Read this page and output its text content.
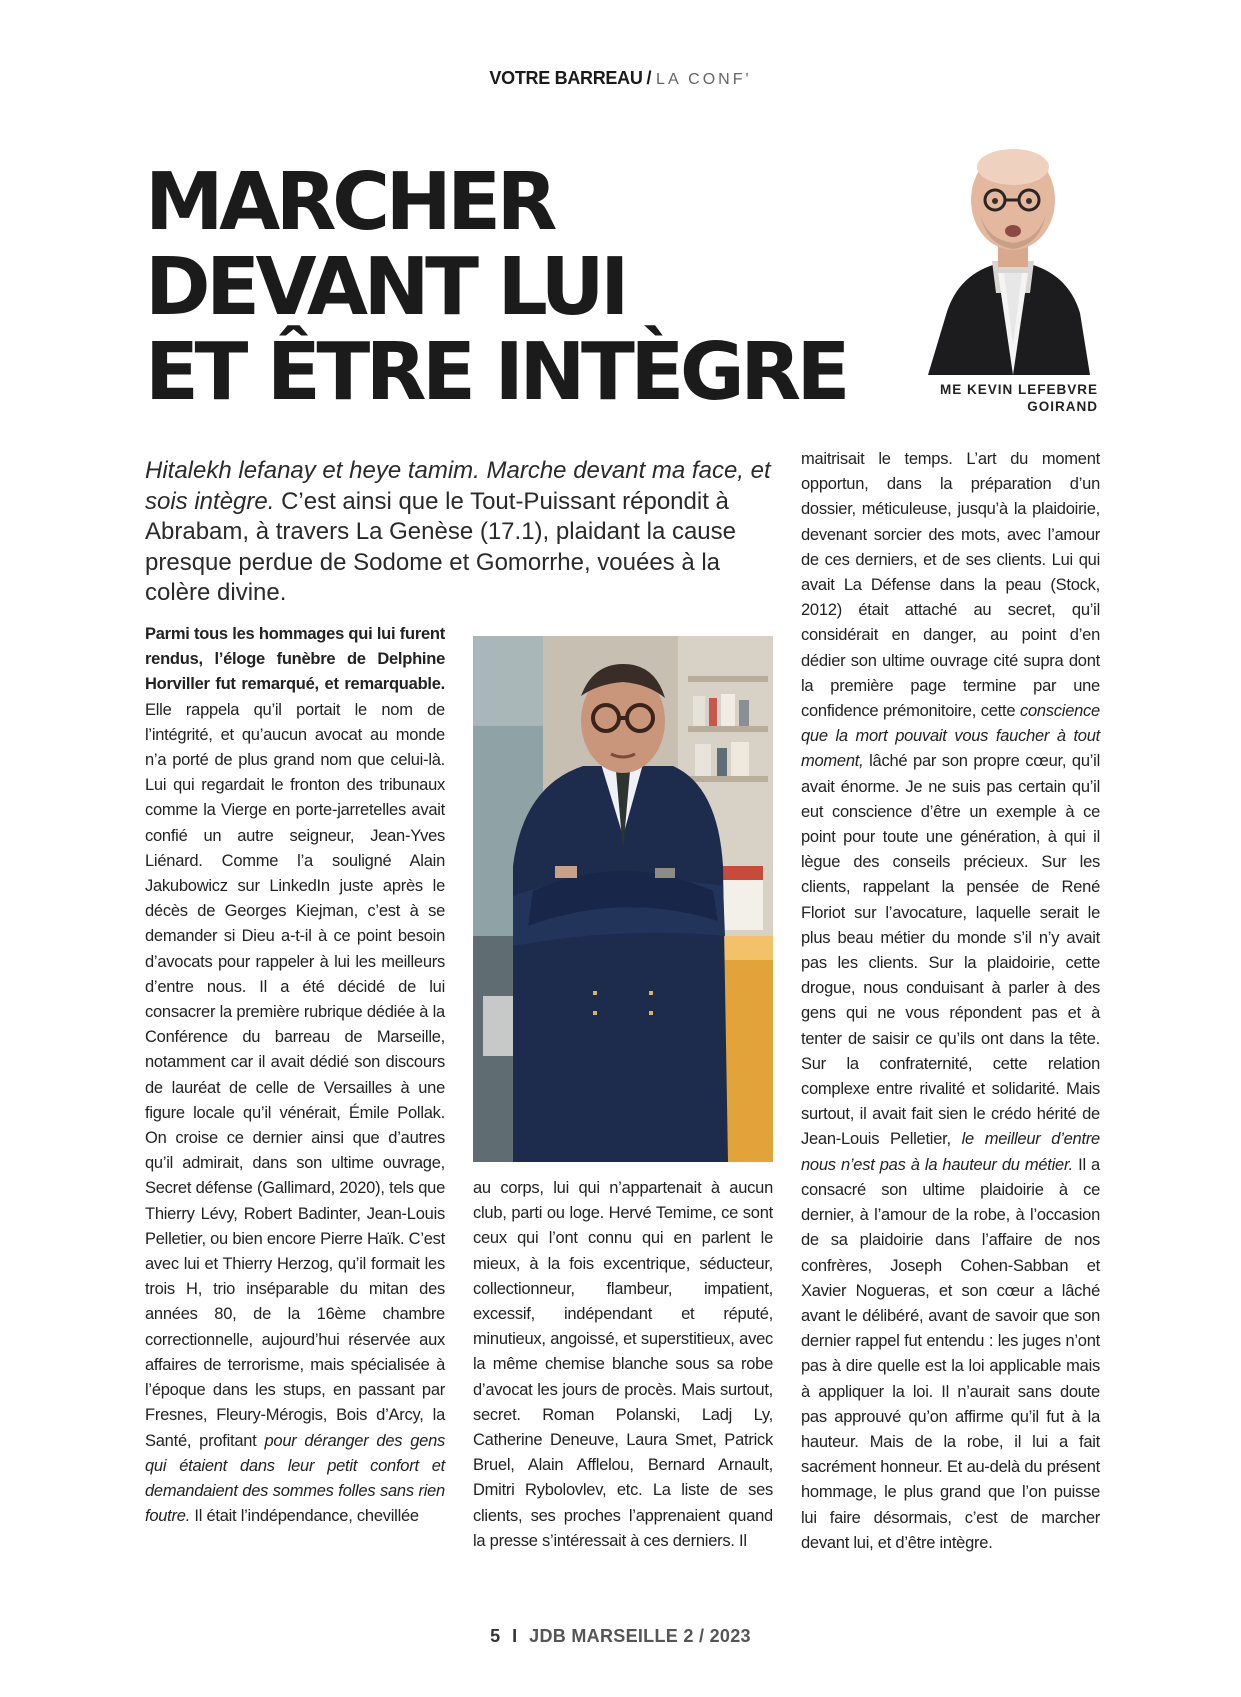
VOTRE BARREAU / LA CONF'
MARCHER
DEVANT LUI
ET ÊTRE INTÈGRE	ME KEVIN LEFEBVRE
GOIRAND
Hitalekh lefanay et heye tamim. Marche devant ma face, et sois intègre. C’est ainsi que le Tout-Puissant répondit à Abrabam, à travers La Genèse (17.1), plaidant la cause presque perdue de Sodome et Gomorrhe, vouées à la colère divine.
Parmi tous les hommages qui lui furent rendus, l’éloge funèbre de Delphine Horviller fut remarqué, et remarquable. Elle rappela qu’il portait le nom de l’intégrité, et qu’aucun avocat au monde n’a porté de plus grand nom que celui-là. Lui qui regardait le fronton des tribunaux comme la Vierge en porte-jarretelles avait confié un autre seigneur, Jean-Yves Liénard. Comme l’a souligné Alain Jakubowicz sur LinkedIn juste après le décès de Georges Kiejman, c’est à se demander si Dieu a-t-il à ce point besoin d’avocats pour rappeler à lui les meilleurs d’entre nous. Il a été décidé de lui consacrer la première rubrique dédiée à la Conférence du barreau de Marseille, notamment car il avait dédié son discours de lauréat de celle de Versailles à une figure locale qu’il vénérait, Émile Pollak. On croise ce dernier ainsi que d’autres qu’il admirait, dans son ultime ouvrage, Secret défense (Gallimard, 2020), tels que Thierry Lévy, Robert Badinter, Jean-Louis Pelletier, ou bien encore Pierre Haïk. C’est avec lui et Thierry Herzog, qu’il formait les trois H, trio inséparable du mitan des années 80, de la 16ème chambre correctionnelle, aujourd’hui réservée aux affaires de terrorisme, mais spécialisée à l’époque dans les stups, en passant par Fresnes, Fleury-Mérogis, Bois d’Arcy, la Santé, profitant pour déranger des gens qui étaient dans leur petit confort et demandaient des sommes folles sans rien foutre. Il était l’indépendance, chevillée
au corps, lui qui n’appartenait à aucun club, parti ou loge. Hervé Temime, ce sont ceux qui l’ont connu qui en parlent le mieux, à la fois excentrique, séducteur, collectionneur, flambeur, impatient, excessif, indépendant et réputé, minutieux, angoissé, et superstitieux, avec la même chemise blanche sous sa robe d’avocat les jours de procès. Mais surtout, secret. Roman Polanski, Ladj Ly, Catherine Deneuve, Laura Smet, Patrick Bruel, Alain Afflelou, Bernard Arnault, Dmitri Rybolovlev, etc. La liste de ses clients, ses proches l’apprenaient quand la presse s’intéressait à ces derniers. Il
maitrisait le temps. L’art du moment opportun, dans la préparation d’un dossier, méticuleuse, jusqu’à la plaidoirie, devenant sorcier des mots, avec l’amour de ces derniers, et de ses clients. Lui qui avait La Défense dans la peau (Stock, 2012) était attaché au secret, qu’il considérait en danger, au point d’en dédier son ultime ouvrage cité supra dont la première page termine par une confidence prémonitoire, cette conscience que la mort pouvait vous faucher à tout moment, lâché par son propre cœur, qu’il avait énorme. Je ne suis pas certain qu’il eut conscience d’être un exemple à ce point pour toute une génération, à qui il lègue des conseils précieux. Sur les clients, rappelant la pensée de René Floriot sur l’avocature, laquelle serait le plus beau métier du monde s’il n’y avait pas les clients. Sur la plaidoirie, cette drogue, nous conduisant à parler à des gens qui ne vous répondent pas et à tenter de saisir ce qu’ils ont dans la tête. Sur la confraternité, cette relation complexe entre rivalité et solidarité. Mais surtout, il avait fait sien le crédo hérité de Jean-Louis Pelletier, le meilleur d’entre nous n’est pas à la hauteur du métier. Il a consacré son ultime plaidoirie à ce dernier, à l’amour de la robe, à l’occasion de sa plaidoirie dans l’affaire de nos confrères, Joseph Cohen-Sabban et Xavier Nogueras, et son cœur a lâché avant le délibéré, avant de savoir que son dernier rappel fut entendu : les juges n’ont pas à dire quelle est la loi applicable mais à appliquer la loi. Il n’aurait sans doute pas approuvé qu’on affirme qu’il fut à la hauteur. Mais de la robe, il lui a fait sacrément honneur. Et au-delà du présent hommage, le plus grand que l’on puisse lui faire désormais, c’est de marcher devant lui, et d’être intègre.
5 I JDB MARSEILLE 2 / 2023
